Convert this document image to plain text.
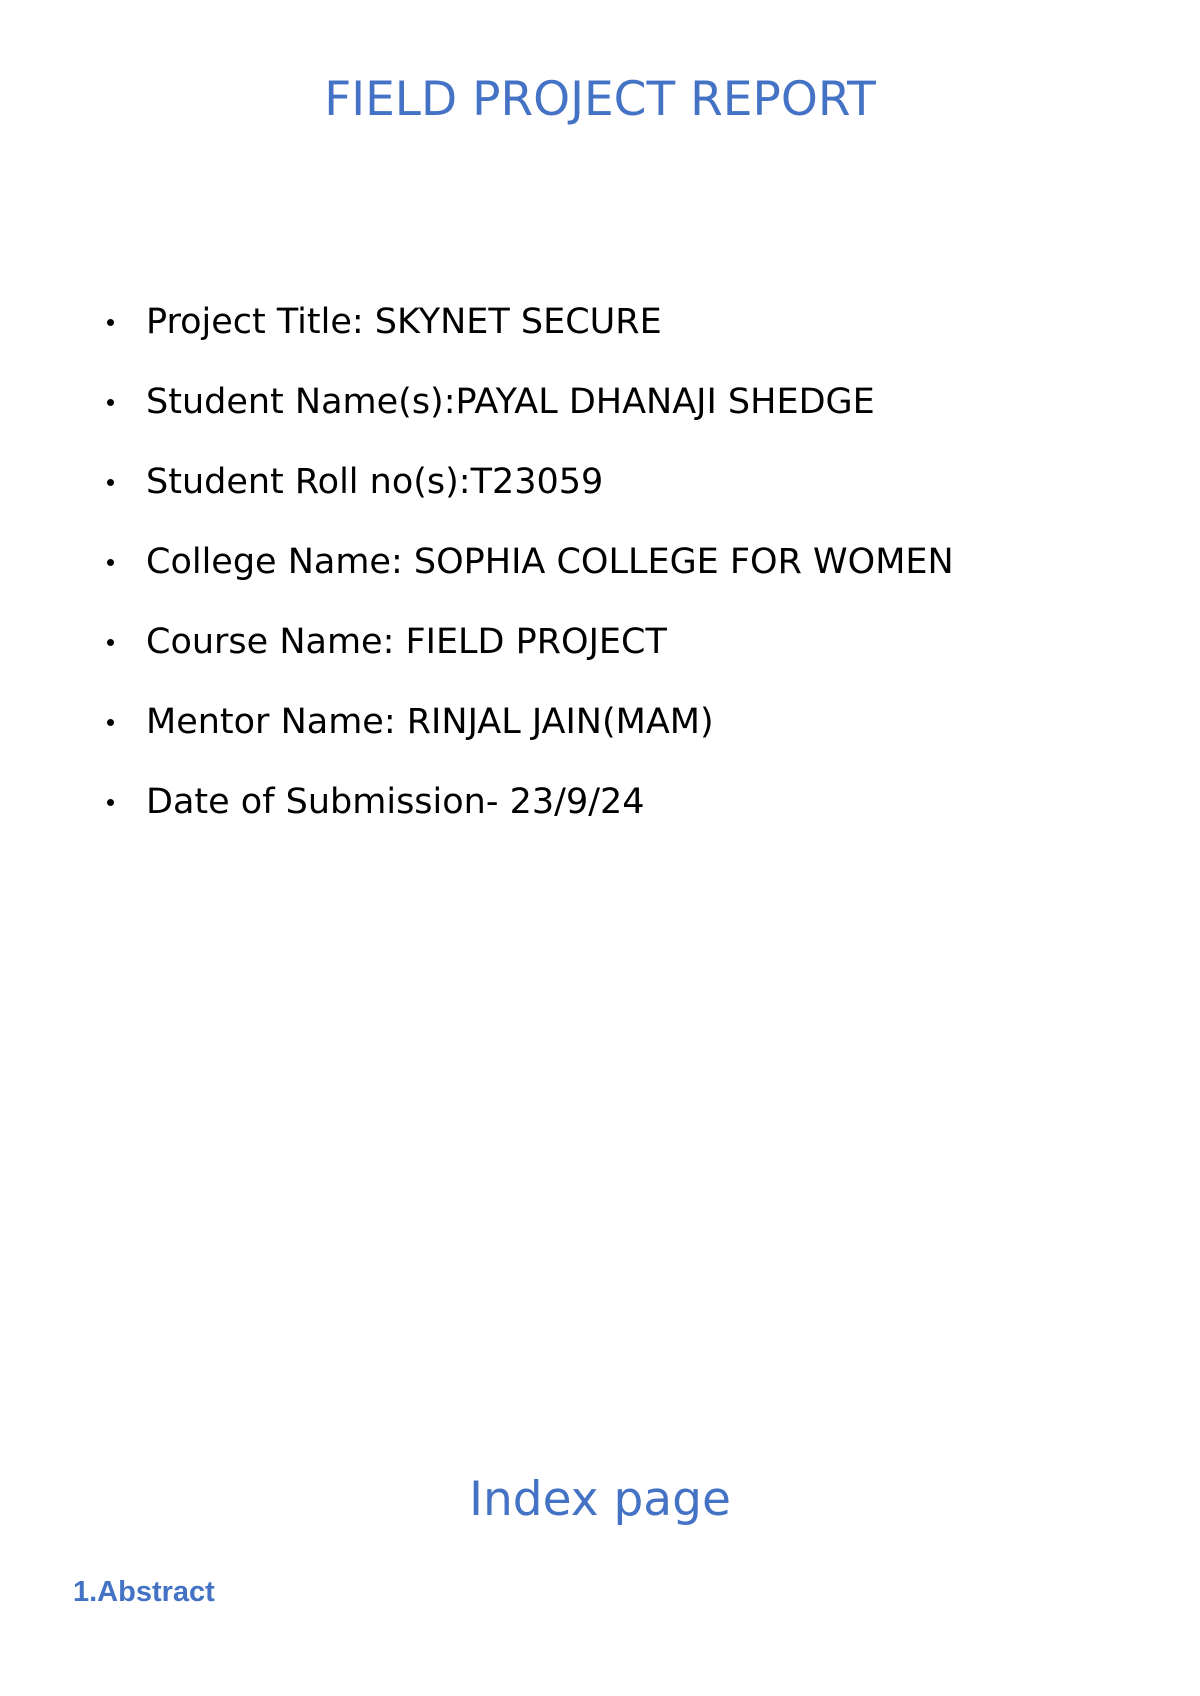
FIELD PROJECT REPORT
Project Title: SKYNET SECURE
Student Name(s):PAYAL DHANAJI SHEDGE
Student Roll no(s):T23059
College Name: SOPHIA COLLEGE FOR WOMEN
Course Name: FIELD PROJECT
Mentor Name: RINJAL JAIN(MAM)
Date of Submission- 23/9/24
Index page
1.Abstract
